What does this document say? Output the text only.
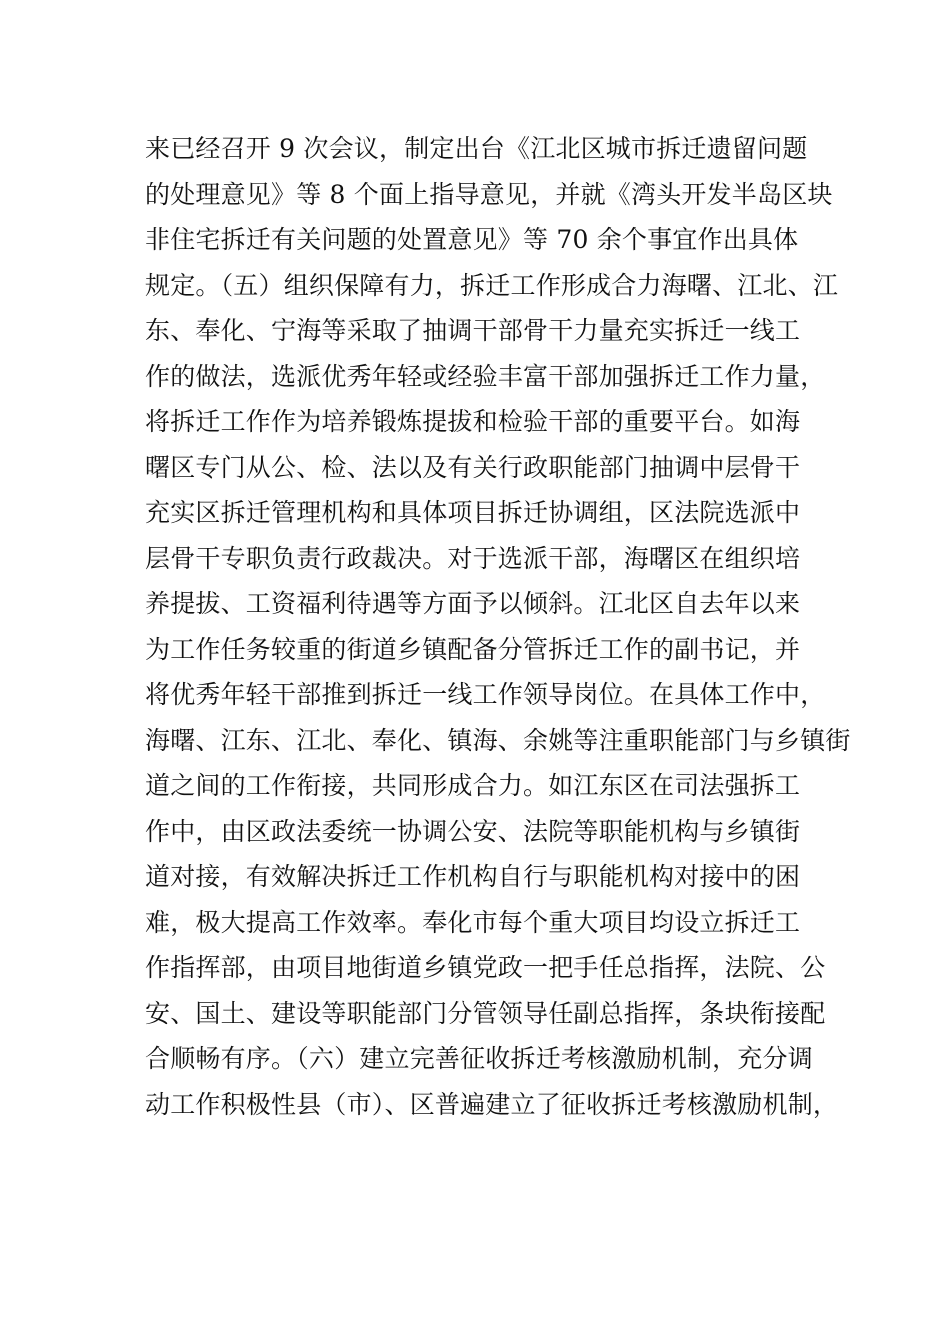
来已经召开 9 次会议，制定出台《江北区城市拆迁遗留问题
的处理意见》等 8 个面上指导意见，并就《湾头开发半岛区块
非住宅拆迁有关问题的处置意见》等 70 余个事宜作出具体
规定。（五）组织保障有力，拆迁工作形成合力海曙、江北、江
东、奉化、宁海等采取了抽调干部骨干力量充实拆迁一线工
作的做法，选派优秀年轻或经验丰富干部加强拆迁工作力量，
将拆迁工作作为培养锻炼提拔和检验干部的重要平台。如海
曙区专门从公、检、法以及有关行政职能部门抽调中层骨干
充实区拆迁管理机构和具体项目拆迁协调组，区法院选派中
层骨干专职负责行政裁决。对于选派干部，海曙区在组织培
养提拔、工资福利待遇等方面予以倾斜。江北区自去年以来
为工作任务较重的街道乡镇配备分管拆迁工作的副书记，并
将优秀年轻干部推到拆迁一线工作领导岗位。在具体工作中，
海曙、江东、江北、奉化、镇海、余姚等注重职能部门与乡镇街
道之间的工作衔接，共同形成合力。如江东区在司法强拆工
作中，由区政法委统一协调公安、法院等职能机构与乡镇街
道对接，有效解决拆迁工作机构自行与职能机构对接中的困
难，极大提高工作效率。奉化市每个重大项目均设立拆迁工
作指挥部，由项目地街道乡镇党政一把手任总指挥，法院、公
安、国土、建设等职能部门分管领导任副总指挥，条块衔接配
合顺畅有序。（六）建立完善征收拆迁考核激励机制，充分调
动工作积极性县（市）、区普遍建立了征收拆迁考核激励机制，
